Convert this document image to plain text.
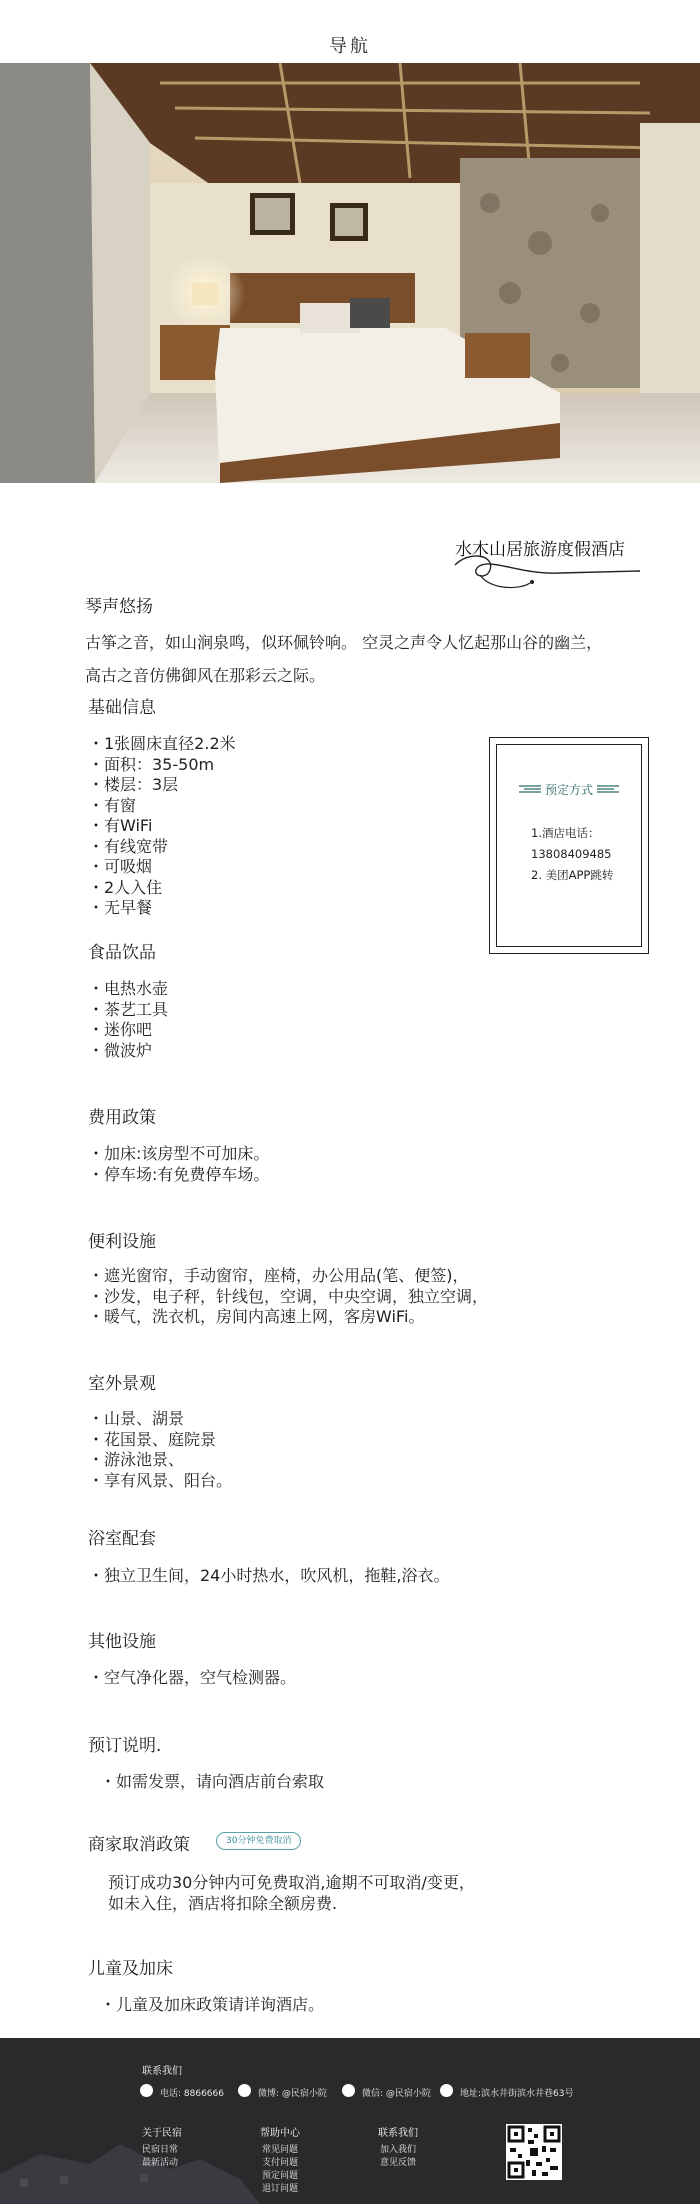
导航
水木山居旅游度假酒店
琴声悠扬
古筝之音，如山涧泉鸣，似环佩铃响。 空灵之声令人忆起那山谷的幽兰，
高古之音仿佛御风在那彩云之际。
基础信息
・1张圆床直径2.2米
・面积：35-50m
・楼层：3层
・有窗
・有WiFi
・有线宽带
・可吸烟
・2人入住
・无早餐
预定方式
1.酒店电话：
13808409485
2. 美团APP跳转
食品饮品
・电热水壶
・茶艺工具
・迷你吧
・微波炉
费用政策
・加床:该房型不可加床。
・停车场:有免费停车场。
便利设施
・遮光窗帘，手动窗帘，座椅，办公用品(笔、便签)，
・沙发，电子秤，针线包，空调，中央空调，独立空调，
・暖气，洗衣机，房间内高速上网，客房WiFi。
室外景观
・山景、湖景
・花国景、庭院景
・游泳池景、
・享有风景、阳台。
浴室配套
・独立卫生间，24小时热水，吹风机，拖鞋,浴衣。
其他设施
・空气净化器，空气检测器。
预订说明.
・如需发票，请向酒店前台索取
商家取消政策	30分钟免费取消
预订成功30分钟内可免费取消,逾期不可取消/变更，
如未入住，酒店将扣除全额房费.
儿童及加床
・儿童及加床政策请详询酒店。
联系我们
电话: 8866666	微博: @民宿小院	微信: @民宿小院	地址:滨水井街滨水井巷63号
关于民宿
民宿日常
最新活动
帮助中心
常见问题
支付问题
预定问题
退订问题
联系我们
加入我们
意见反馈
